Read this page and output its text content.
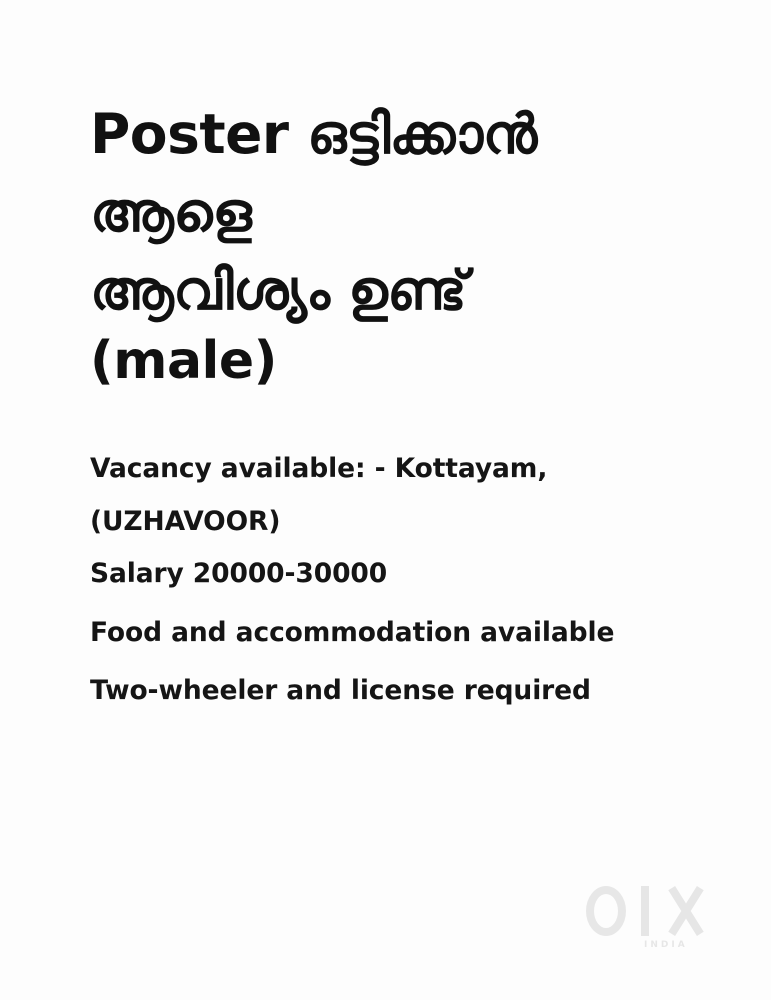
Poster ഒട്ടിക്കാൻ
ആളെ
ആവിശ്യം ഉണ്ട്
(male)

Vacancy available: - Kottayam,

(UZHAVOOR)

Salary 20000-30000

Food and accommodation available

Two-wheeler and license required

INDIA
